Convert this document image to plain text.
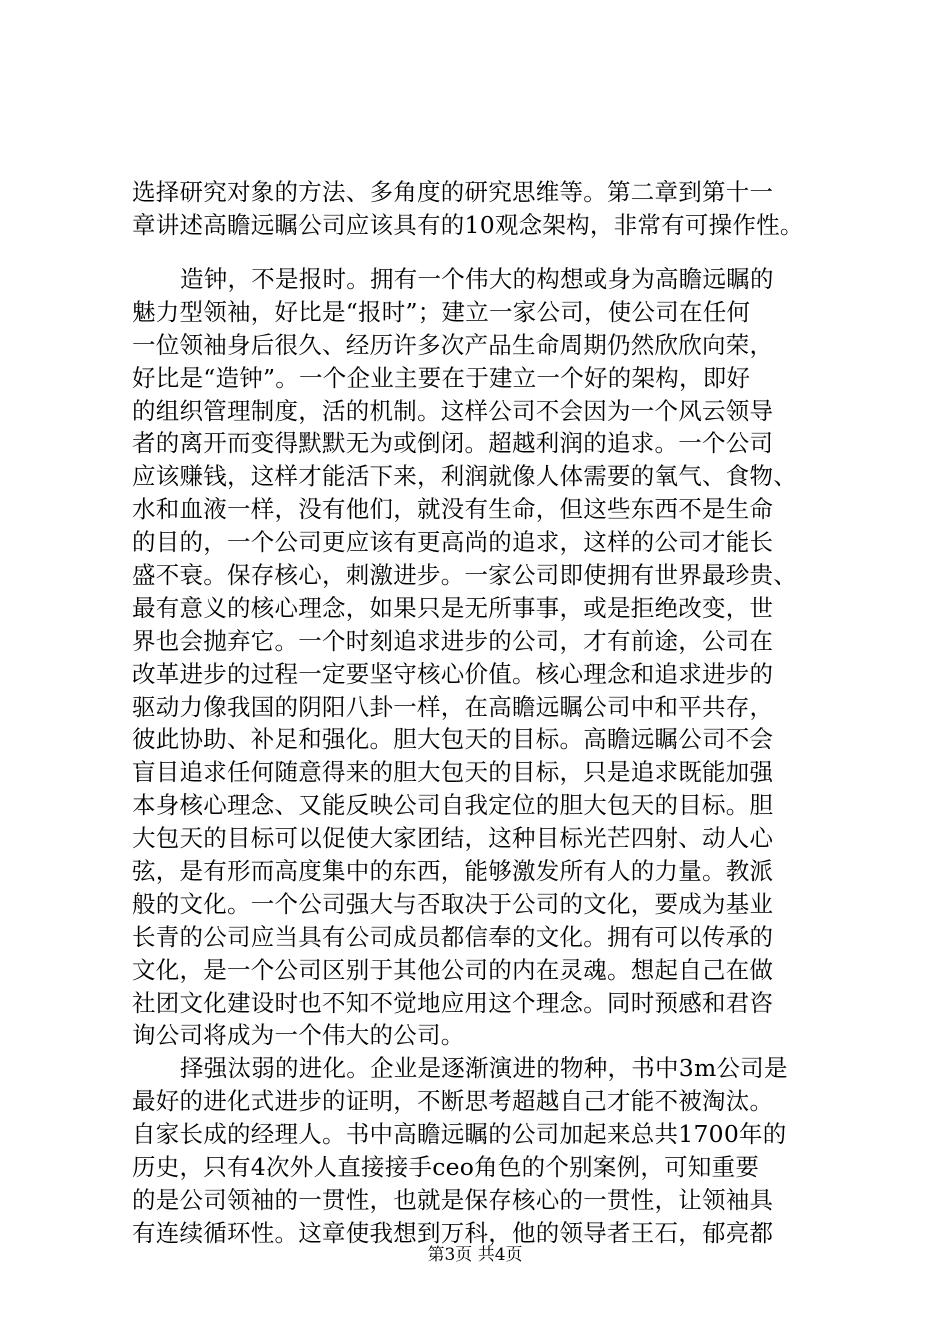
选择研究对象的方法、多角度的研究思维等。第二章到第十一
章讲述高瞻远瞩公司应该具有的10观念架构，非常有可操作性。
造钟，不是报时。拥有一个伟大的构想或身为高瞻远瞩的
魅力型领袖，好比是“报时”；建立一家公司，使公司在任何
一位领袖身后很久、经历许多次产品生命周期仍然欣欣向荣，
好比是“造钟”。一个企业主要在于建立一个好的架构，即好
的组织管理制度，活的机制。这样公司不会因为一个风云领导
者的离开而变得默默无为或倒闭。超越利润的追求。一个公司
应该赚钱，这样才能活下来，利润就像人体需要的氧气、食物、
水和血液一样，没有他们，就没有生命，但这些东西不是生命
的目的，一个公司更应该有更高尚的追求，这样的公司才能长
盛不衰。保存核心，刺激进步。一家公司即使拥有世界最珍贵、
最有意义的核心理念，如果只是无所事事，或是拒绝改变，世
界也会抛弃它。一个时刻追求进步的公司，才有前途，公司在
改革进步的过程一定要坚守核心价值。核心理念和追求进步的
驱动力像我国的阴阳八卦一样，在高瞻远瞩公司中和平共存，
彼此协助、补足和强化。胆大包天的目标。高瞻远瞩公司不会
盲目追求任何随意得来的胆大包天的目标，只是追求既能加强
本身核心理念、又能反映公司自我定位的胆大包天的目标。胆
大包天的目标可以促使大家团结，这种目标光芒四射、动人心
弦，是有形而高度集中的东西，能够激发所有人的力量。教派
般的文化。一个公司强大与否取决于公司的文化，要成为基业
长青的公司应当具有公司成员都信奉的文化。拥有可以传承的
文化，是一个公司区别于其他公司的内在灵魂。想起自己在做
社团文化建设时也不知不觉地应用这个理念。同时预感和君咨
询公司将成为一个伟大的公司。
择强汰弱的进化。企业是逐渐演进的物种，书中3m公司是
最好的进化式进步的证明，不断思考超越自己才能不被淘汰。
自家长成的经理人。书中高瞻远瞩的公司加起来总共1700年的
历史，只有4次外人直接接手ceo角色的个别案例，可知重要
的是公司领袖的一贯性，也就是保存核心的一贯性，让领袖具
有连续循环性。这章使我想到万科，他的领导者王石，郁亮都
第3页 共4页
